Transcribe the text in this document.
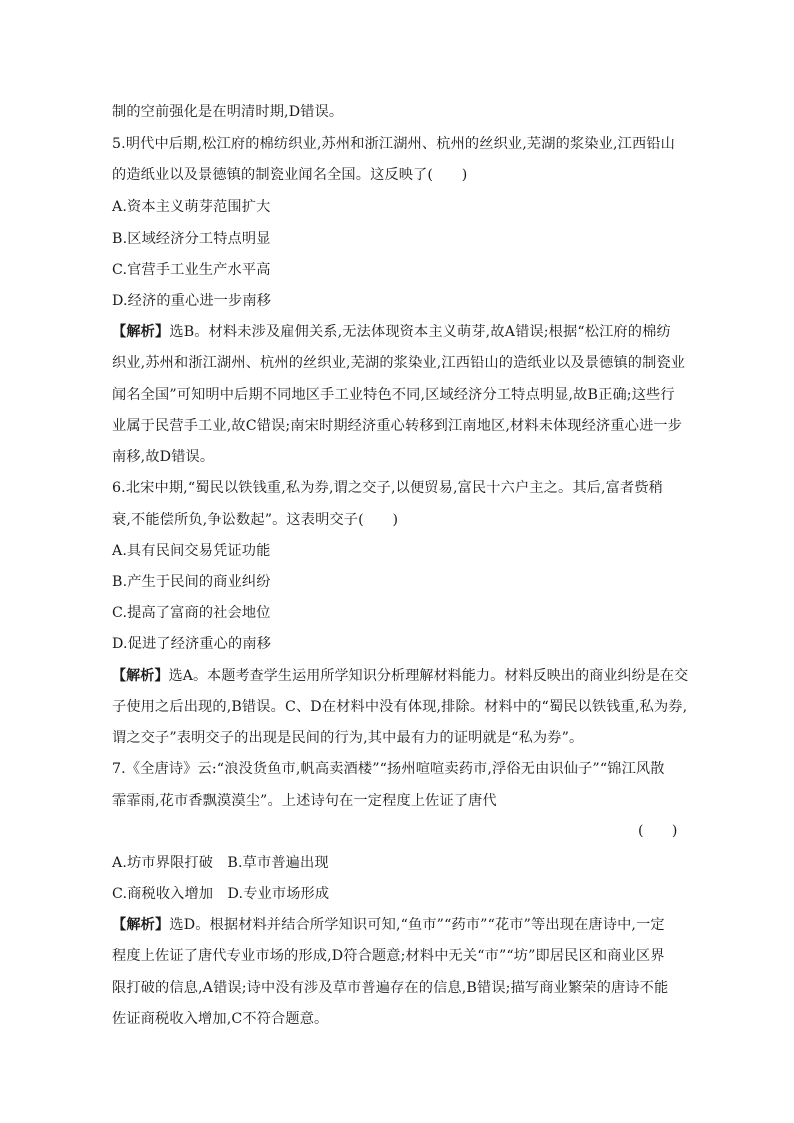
制的空前强化是在明清时期,D错误。
5.明代中后期,松江府的棉纺织业,苏州和浙江湖州、杭州的丝织业,芜湖的浆染业,江西铅山
的造纸业以及景德镇的制瓷业闻名全国。这反映了(　　)
A.资本主义萌芽范围扩大
B.区域经济分工特点明显
C.官营手工业生产水平高
D.经济的重心进一步南移
【解析】选B。材料未涉及雇佣关系,无法体现资本主义萌芽,故A错误;根据“松江府的棉纺
织业,苏州和浙江湖州、杭州的丝织业,芜湖的浆染业,江西铅山的造纸业以及景德镇的制瓷业
闻名全国”可知明中后期不同地区手工业特色不同,区域经济分工特点明显,故B正确;这些行
业属于民营手工业,故C错误;南宋时期经济重心转移到江南地区,材料未体现经济重心进一步
南移,故D错误。
6.北宋中期,“蜀民以铁钱重,私为券,谓之交子,以便贸易,富民十六户主之。其后,富者赀稍
衰,不能偿所负,争讼数起”。这表明交子(　　)
A.具有民间交易凭证功能
B.产生于民间的商业纠纷
C.提高了富商的社会地位
D.促进了经济重心的南移
【解析】选A。本题考查学生运用所学知识分析理解材料能力。材料反映出的商业纠纷是在交
子使用之后出现的,B错误。C、D在材料中没有体现,排除。材料中的“蜀民以铁钱重,私为券,
谓之交子”表明交子的出现是民间的行为,其中最有力的证明就是“私为券”。
7.《全唐诗》云:“浪没货鱼市,帆高卖酒楼”“扬州喧喧卖药市,浮俗无由识仙子”“锦江风散
霏霏雨,花市香飘漠漠尘”。上述诗句在一定程度上佐证了唐代
(　　)
A.坊市界限打破　B.草市普遍出现
C.商税收入增加　D.专业市场形成
【解析】选D。根据材料并结合所学知识可知,“鱼市”“药市”“花市”等出现在唐诗中,一定
程度上佐证了唐代专业市场的形成,D符合题意;材料中无关“市”“坊”即居民区和商业区界
限打破的信息,A错误;诗中没有涉及草市普遍存在的信息,B错误;描写商业繁荣的唐诗不能
佐证商税收入增加,C不符合题意。
